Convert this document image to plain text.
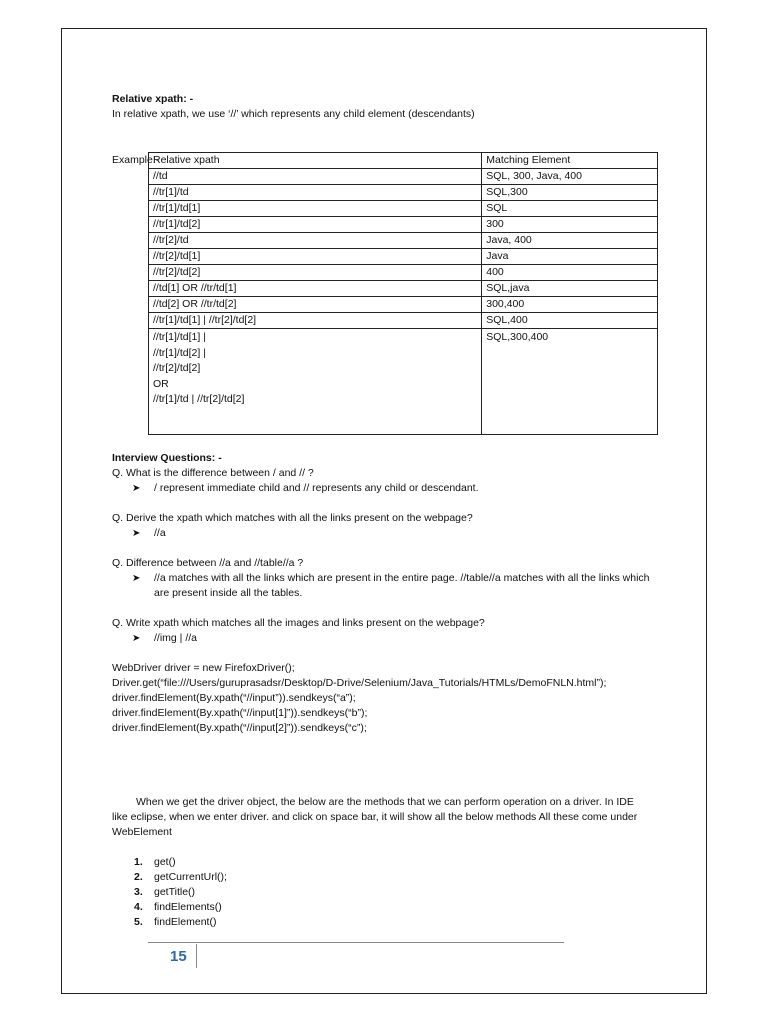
Relative xpath: -
In relative xpath, we use ‘//’ which represents any child element (descendants)
Example:-
Relative xpath	Matching Element
//td	SQL, 300, Java, 400
//tr[1]/td	SQL,300
//tr[1]/td[1]	SQL
//tr[1]/td[2]	300
//tr[2]/td	Java, 400
//tr[2]/td[1]	Java
//tr[2]/td[2]	400
//td[1] OR //tr/td[1]	SQL,java
//td[2] OR //tr/td[2]	300,400
//tr[1]/td[1] | //tr[2]/td[2]	SQL,400

//tr[1]/td[1] |
//tr[1]/td[2] |
//tr[2]/td[2]
OR
//tr[1]/td | //tr[2]/td[2]	SQL,300,400
Interview Questions: -
Q. What is the difference between / and // ?
➤ / represent immediate child and // represents any child or descendant.
Q. Derive the xpath which matches with all the links present on the webpage?
➤ //a
Q. Difference between //a and //table//a ?
➤ //a matches with all the links which are present in the entire page. //table//a matches with all the links which are present inside all the tables.
Q. Write xpath which matches all the images and links present on the webpage?
➤ //img | //a
WebDriver driver = new FirefoxDriver();
Driver.get(“file:///Users/guruprasadsr/Desktop/D-Drive/Selenium/Java_Tutorials/HTMLs/DemoFNLN.html”);
driver.findElement(By.xpath(“//input”)).sendkeys(“a”);
driver.findElement(By.xpath(“//input[1]”)).sendkeys(“b”);
driver.findElement(By.xpath(“//input[2]”)).sendkeys(“c”);
When we get the driver object, the below are the methods that we can perform operation on a driver. In IDE like eclipse, when we enter driver. and click on space bar, it will show all the below methods All these come under WebElement
1. get()
2. getCurrentUrl();
3. getTitle()
4. findElements()
5. findElement()
15
